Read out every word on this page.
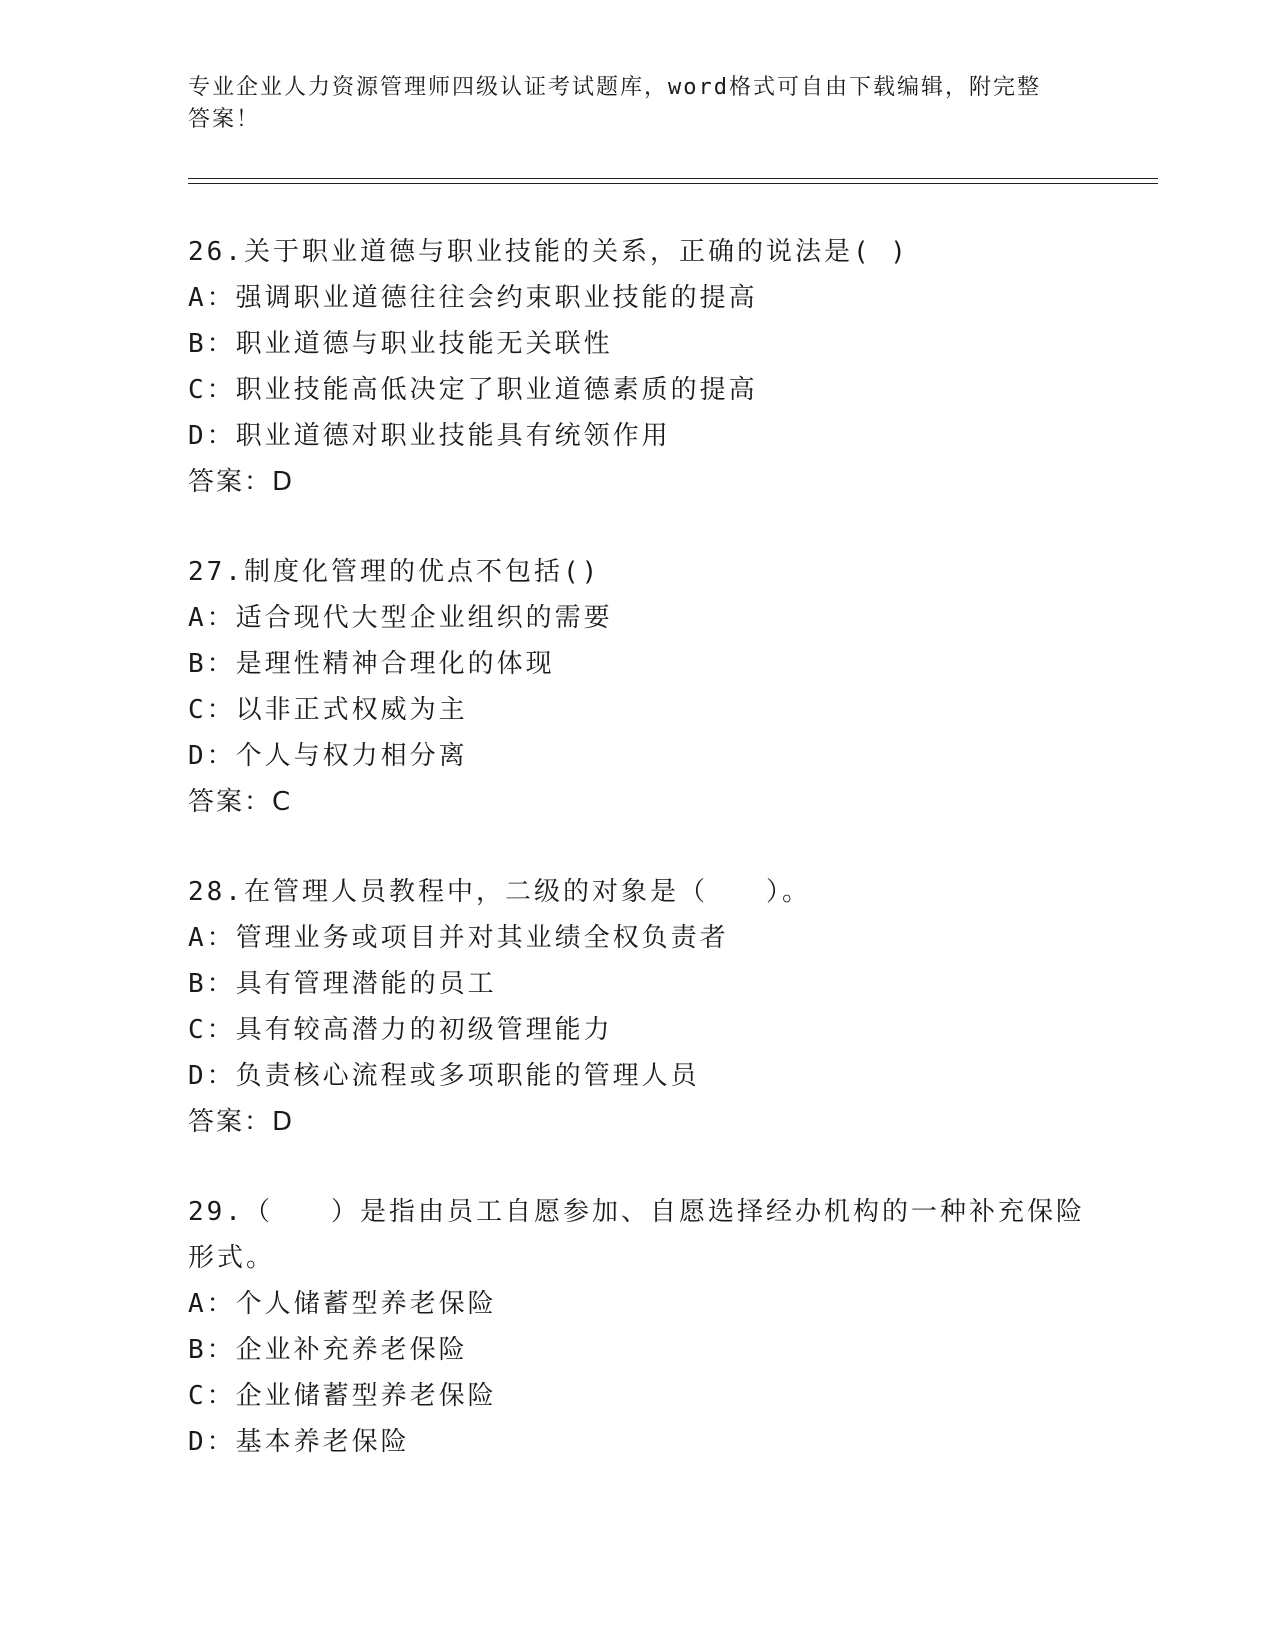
专业企业人力资源管理师四级认证考试题库，word格式可自由下载编辑，附完整
答案！
26.关于职业道德与职业技能的关系，正确的说法是( )
A：强调职业道德往往会约束职业技能的提高
B：职业道德与职业技能无关联性
C：职业技能高低决定了职业道德素质的提高
D：职业道德对职业技能具有统领作用
答案：D
27.制度化管理的优点不包括()
A：适合现代大型企业组织的需要
B：是理性精神合理化的体现
C：以非正式权威为主
D：个人与权力相分离
答案：C
28.在管理人员教程中，二级的对象是（　　）。
A：管理业务或项目并对其业绩全权负责者
B：具有管理潜能的员工
C：具有较高潜力的初级管理能力
D：负责核心流程或多项职能的管理人员
答案：D
29.（　　）是指由员工自愿参加、自愿选择经办机构的一种补充保险
形式。
A：个人储蓄型养老保险
B：企业补充养老保险
C：企业储蓄型养老保险
D：基本养老保险
